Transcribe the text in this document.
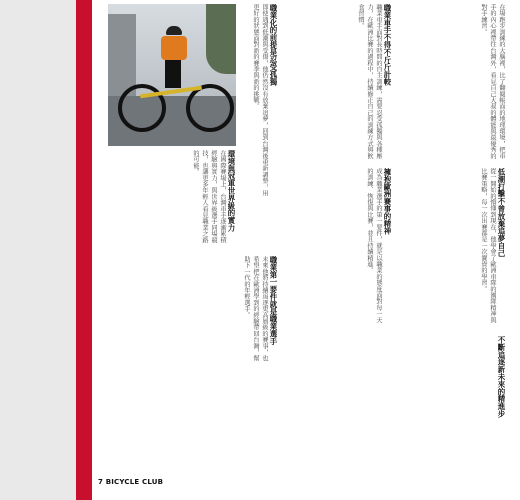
在場跑步訓練的大腦裡，比了翻閱帳面的地理環境，把車手的內心裡帶往台灣外，看見自己大叔的體能與最優秀的對手練習。
職業車手不得不斤斤計較
職業車手面對長時間的自主訓練，需要忍受孤獨與各種壓力，在歐洲比賽的過程中，持續修正自己的訓練方式與飲食習慣。
職業化的前提是忍受孤獨
即使遇到低潮與受傷，他仍然沒有放棄追夢，回到台灣後重新調整，用更好的狀態面對新的賽季與新的挑戰。
環境與冠軍世界級的實力
在國際賽場上，台灣車手逐漸累積經驗與實力，與世界級選手同場競技，也讓更多年輕人看見職業之路的可能。
低潮打擊不曾放棄追夢自己
從一開始的懵懂到現在，他學會了歐洲車隊的團隊精神與比賽策略，每一次出賽都是一次寶貴的學習。
擁抱歐洲賽事的精神
成為職業選手的第一要件，就是以職業的態度面對每一天的訓練、恢復與比賽，並且持續精進。
職業第一要件就是職業選手
未來他將持續追逐更高層級的賽事，也希望把在歐洲學到的經驗帶回台灣，幫助下一代的年輕選手。
不斷追逐新未來的精進步
7 BICYCLE CLUB
